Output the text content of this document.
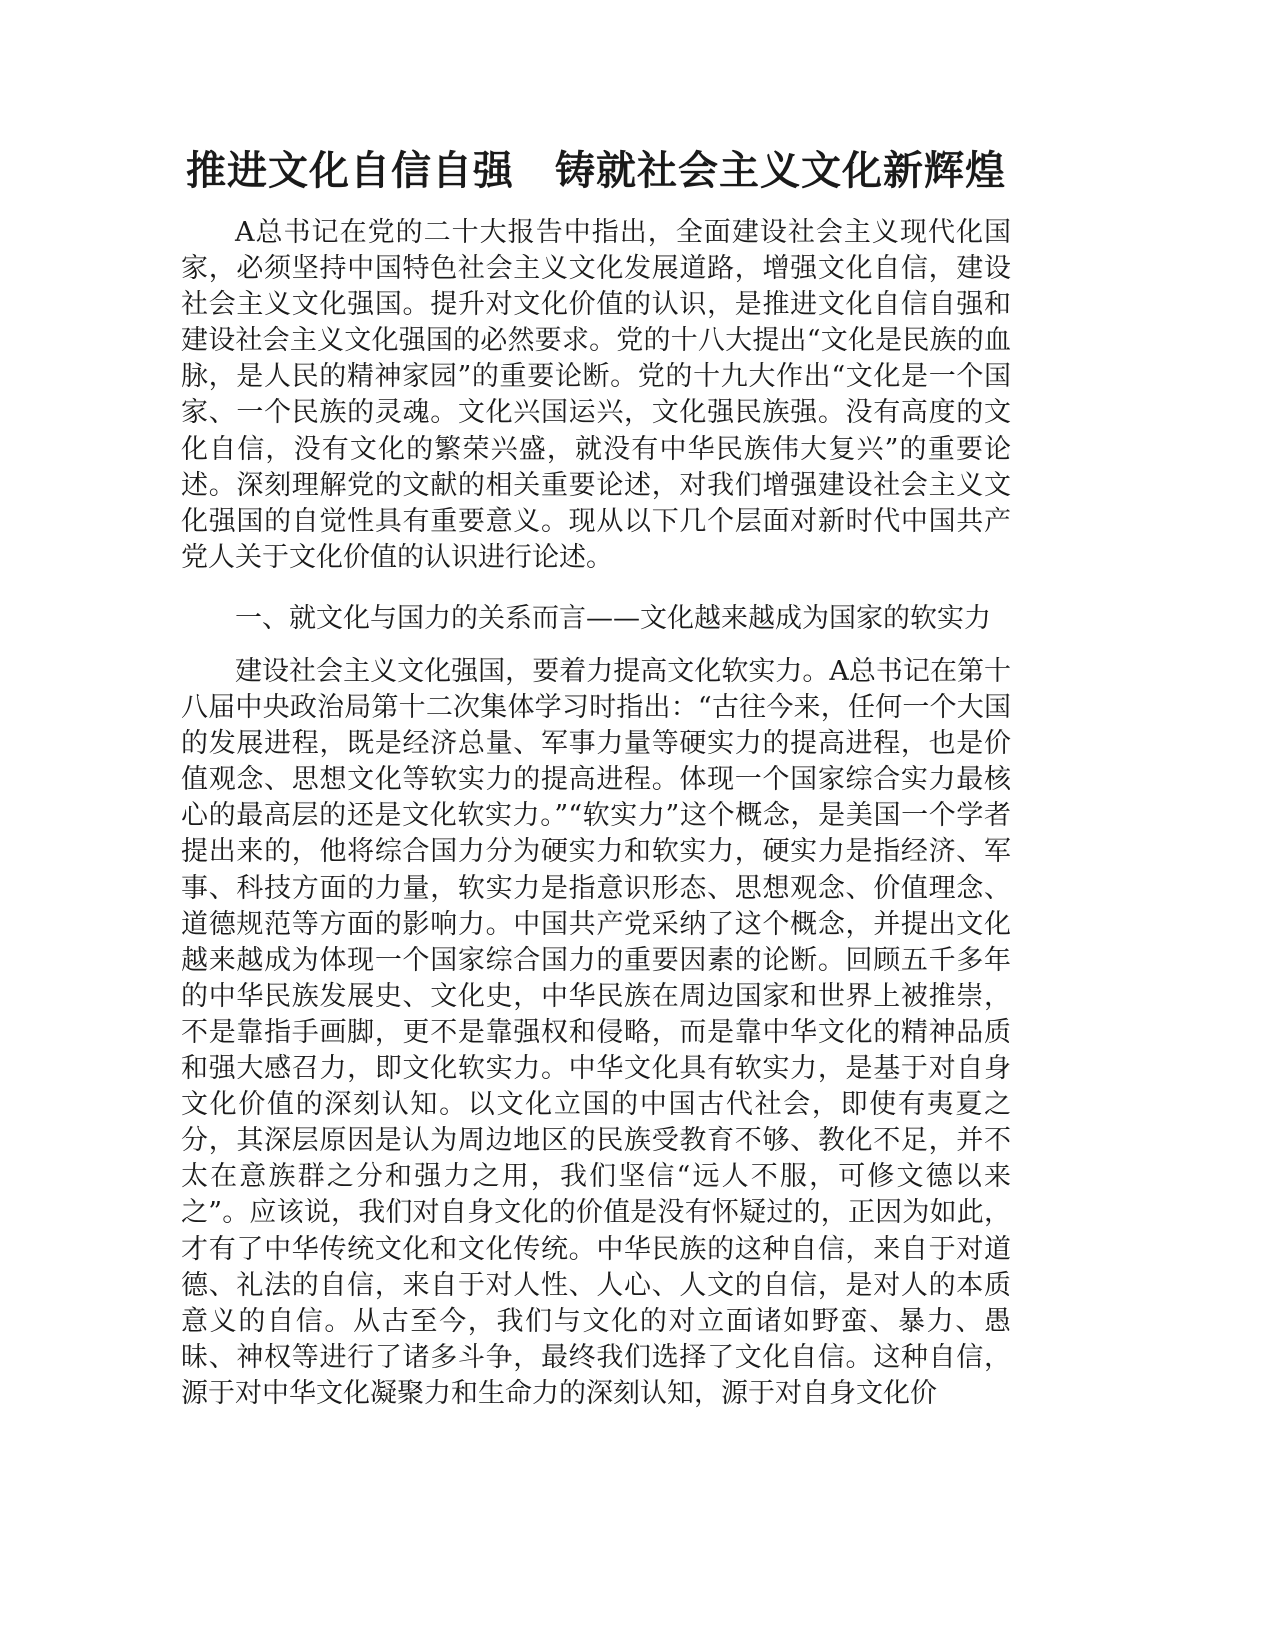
推进文化自信自强　铸就社会主义文化新辉煌

A总书记在党的二十大报告中指出，全面建设社会主义现代化国家，必须坚持中国特色社会主义文化发展道路，增强文化自信，建设社会主义文化强国。提升对文化价值的认识，是推进文化自信自强和建设社会主义文化强国的必然要求。党的十八大提出“文化是民族的血脉，是人民的精神家园”的重要论断。党的十九大作出“文化是一个国家、一个民族的灵魂。文化兴国运兴，文化强民族强。没有高度的文化自信，没有文化的繁荣兴盛，就没有中华民族伟大复兴”的重要论述。深刻理解党的文献的相关重要论述，对我们增强建设社会主义文化强国的自觉性具有重要意义。现从以下几个层面对新时代中国共产党人关于文化价值的认识进行论述。

一、就文化与国力的关系而言——文化越来越成为国家的软实力

建设社会主义文化强国，要着力提高文化软实力。A总书记在第十八届中央政治局第十二次集体学习时指出：“古往今来，任何一个大国的发展进程，既是经济总量、军事力量等硬实力的提高进程，也是价值观念、思想文化等软实力的提高进程。体现一个国家综合实力最核心的最高层的还是文化软实力。”“软实力”这个概念，是美国一个学者提出来的，他将综合国力分为硬实力和软实力，硬实力是指经济、军事、科技方面的力量，软实力是指意识形态、思想观念、价值理念、道德规范等方面的影响力。中国共产党采纳了这个概念，并提出文化越来越成为体现一个国家综合国力的重要因素的论断。回顾五千多年的中华民族发展史、文化史，中华民族在周边国家和世界上被推崇，不是靠指手画脚，更不是靠强权和侵略，而是靠中华文化的精神品质和强大感召力，即文化软实力。中华文化具有软实力，是基于对自身文化价值的深刻认知。以文化立国的中国古代社会，即使有夷夏之分，其深层原因是认为周边地区的民族受教育不够、教化不足，并不太在意族群之分和强力之用，我们坚信“远人不服，可修文德以来之”。应该说，我们对自身文化的价值是没有怀疑过的，正因为如此，才有了中华传统文化和文化传统。中华民族的这种自信，来自于对道德、礼法的自信，来自于对人性、人心、人文的自信，是对人的本质意义的自信。从古至今，我们与文化的对立面诸如野蛮、暴力、愚昧、神权等进行了诸多斗争，最终我们选择了文化自信。这种自信，源于对中华文化凝聚力和生命力的深刻认知，源于对自身文化价
